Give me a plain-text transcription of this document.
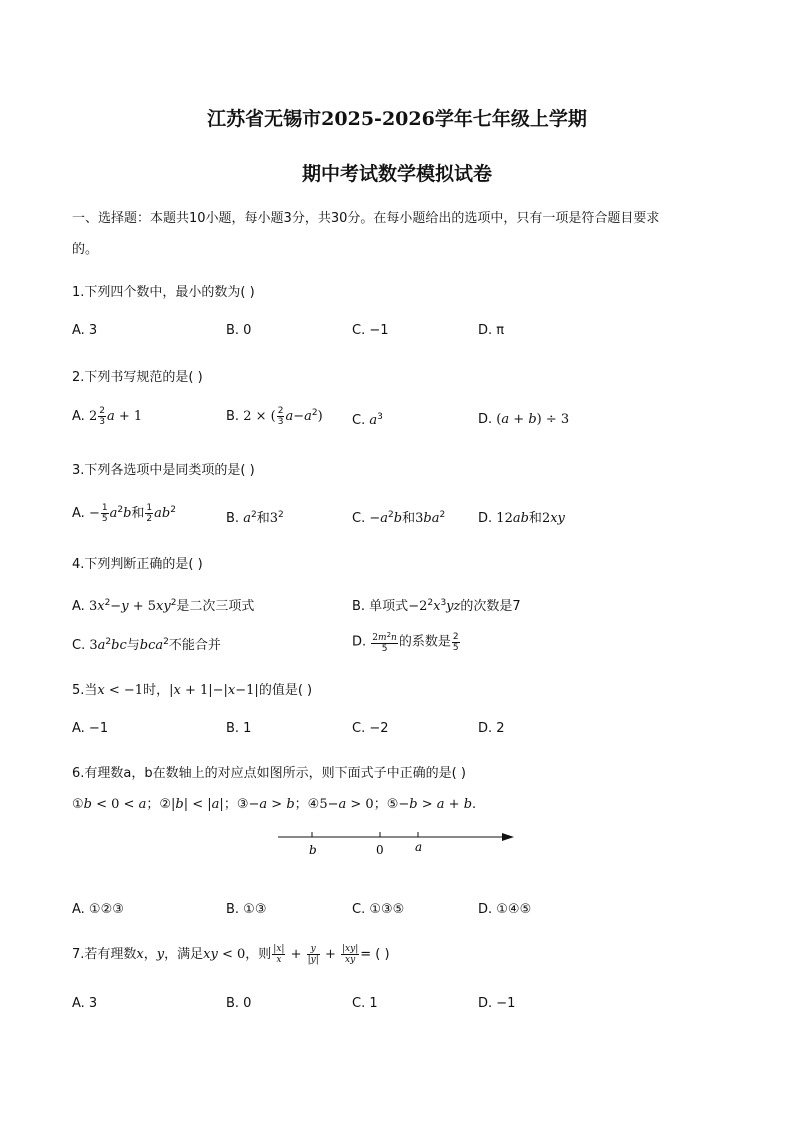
江苏省无锡市2025-2026学年七年级上学期
期中考试数学模拟试卷
一、选择题：本题共10小题，每小题3分，共30分。在每小题给出的选项中，只有一项是符合题目要求
的。
1.下列四个数中，最小的数为( )
A. 3	B. 0	C. −1	D. π
2.下列书写规范的是( )
A. $2 \frac{2}{3}$ a + 1	B. 2 × ( $\frac{2}{3} a-a^2$) C. $a^3$	D. (a + b) ÷ 3
3.下列各选项中是同类项的是( )
A. − $\frac{1}{5} a^2b$和 $\frac{1}{2} ab^2$
B. $a^2$和$3^2$	C. $-a^2b$和$3ba^2$	D. 12ab和2xy
4.下列判断正确的是( )
A. $3x^2-y + 5xy^2$是二次三项式	B. 单项式$-2^2x^3yz$的次数是7
C. $3a^2bc$与bca$^2$不能合并	D. $\frac{2m^2n}{5}$ 的系数是 $\frac{2}{5}$
5.当x < −1时，|x + 1|−|x−1|的值是( )
A. −1	B. 1	C. −2	D. 2
6.有理数a，b在数轴上的对应点如图所示，则下面式子中正确的是( )
①b < 0 < a；②|b| < |a|；③−a > b；④5−a > 0；⑤−b > a + b.
b	0	a
A. ①②③	B. ①③	C. ①③⑤	D. ①④⑤
7.若有理数x，y，满足xy < 0，则 $\frac{|x|}{x} + \frac{y}{|y|} + \frac{|xy|}{xy}$ = ( )
A. 3	B. 0	C. 1	D. −1
